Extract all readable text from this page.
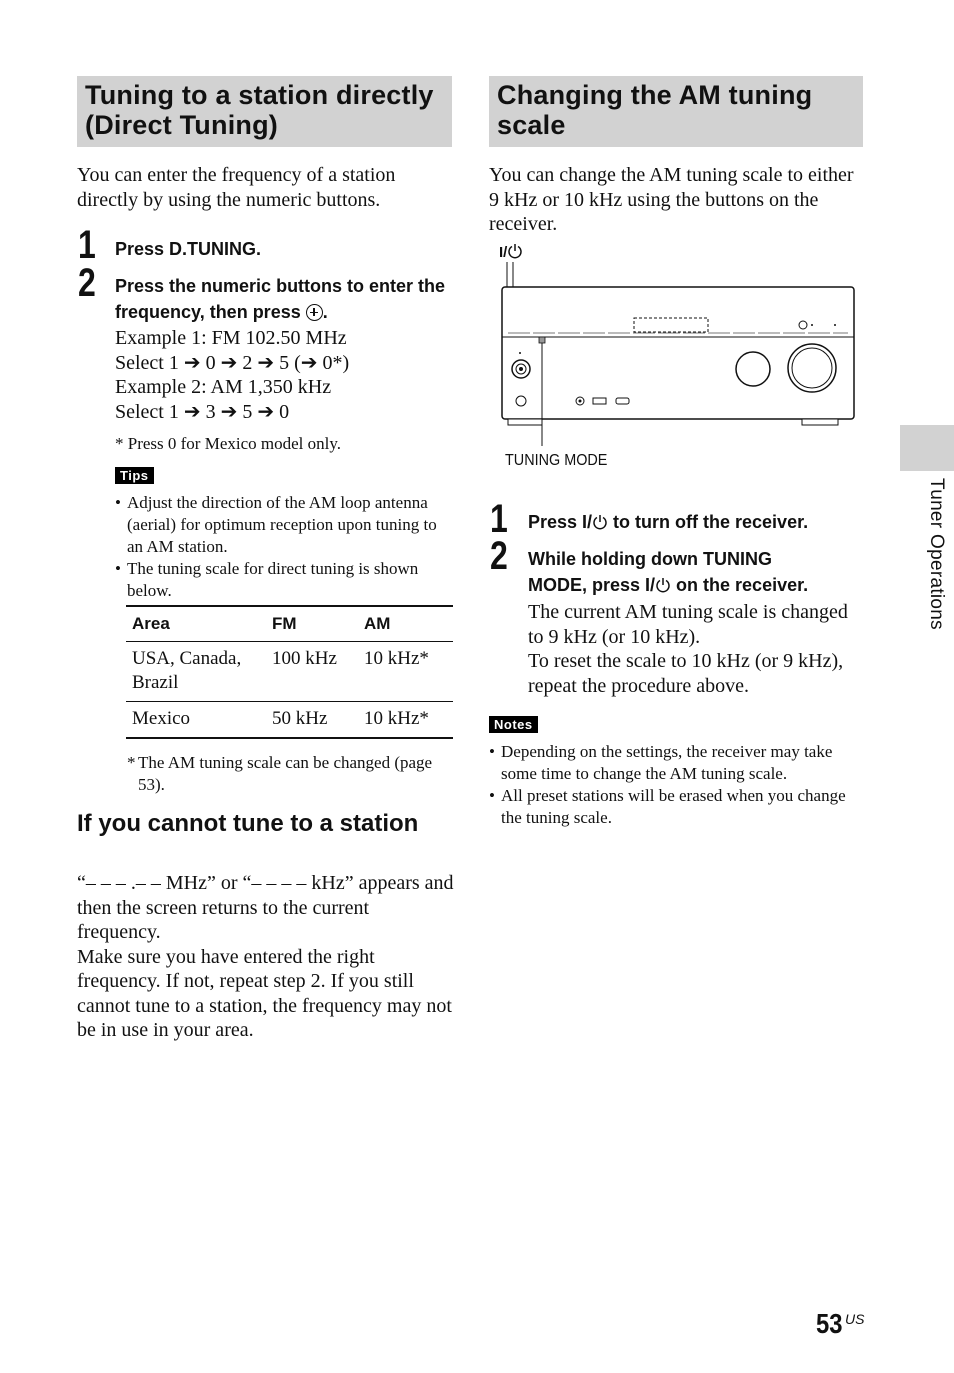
Tuning to a station directly (Direct Tuning)
You can enter the frequency of a station directly by using the numeric buttons.
1 Press D.TUNING.
2 Press the numeric buttons to enter the frequency, then press .
Example 1: FM 102.50 MHz
Select 1 ➔ 0 ➔ 2 ➔ 5 (➔ 0*)
Example 2: AM 1,350 kHz
Select 1 ➔ 3 ➔ 5 ➔ 0
* Press 0 for Mexico model only.
Tips
• Adjust the direction of the AM loop antenna (aerial) for optimum reception upon tuning to an AM station.
• The tuning scale for direct tuning is shown below.
Area	FM	AM
USA, Canada, Brazil	100 kHz	10 kHz*
Mexico	50 kHz	10 kHz*
* The AM tuning scale can be changed (page 53).
If you cannot tune to a station
“– – – .– – MHz” or “– – – – kHz” appears and then the screen returns to the current frequency.
Make sure you have entered the right frequency. If not, repeat step 2. If you still cannot tune to a station, the frequency may not be in use in your area.
Changing the AM tuning scale
You can change the AM tuning scale to either 9 kHz or 10 kHz using the buttons on the receiver.
I/
TUNING MODE
1 Press I/ to turn off the receiver.
2 While holding down TUNING
MODE, press I/ on the receiver.
The current AM tuning scale is changed to 9 kHz (or 10 kHz).
To reset the scale to 10 kHz (or 9 kHz), repeat the procedure above.
Notes
• Depending on the settings, the receiver may take some time to change the AM tuning scale.
• All preset stations will be erased when you change the tuning scale.
Tuner Operations
53 US
